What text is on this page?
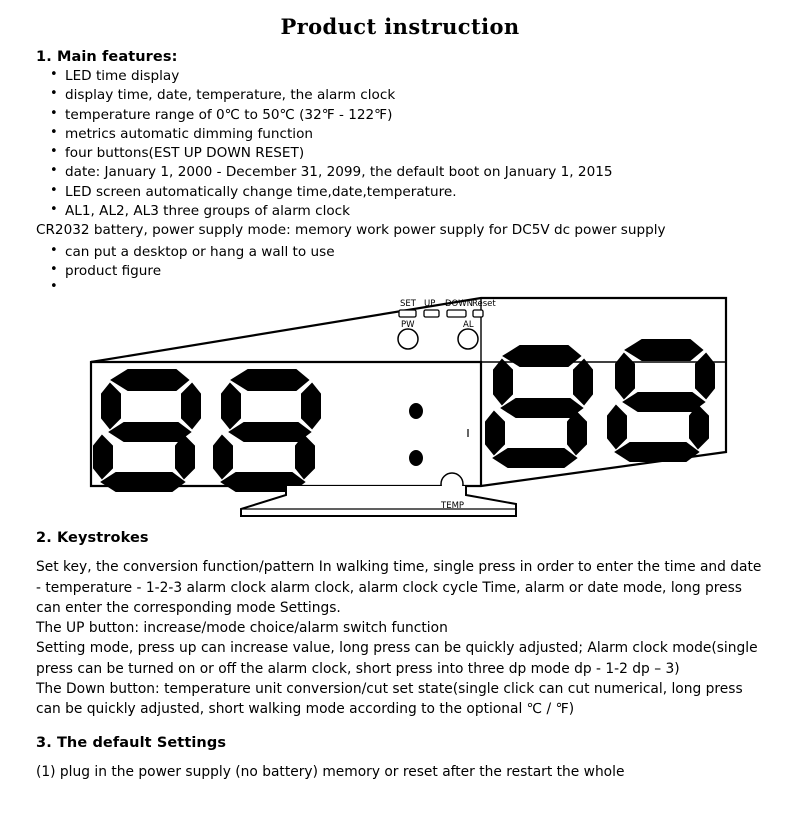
Product instruction
1. Main features:
• LED time display
• display time, date, temperature, the alarm clock
• temperature range of 0℃ to 50℃ (32℉ - 122℉)
• metrics automatic dimming function
• four buttons(EST UP DOWN RESET)
• date: January 1, 2000 - December 31, 2099, the default boot on January 1, 2015
• LED screen automatically change time,date,temperature.
• AL1, AL2, AL3 three groups of alarm clock

CR2032 battery, power supply mode: memory work power supply for DC5V dc power supply

• can put a desktop or hang a wall to use
• product figure
•
SET UP DOWN Reset
PW	AL
TEMP
2. Keystrokes

Set key, the conversion function/pattern In walking time, single press in order to enter the time and date - temperature - 1-2-3 alarm clock alarm clock, alarm clock cycle Time, alarm or date mode, long press can enter the corresponding mode Settings.

The UP button: increase/mode choice/alarm switch function

Setting mode, press up can increase value, long press can be quickly adjusted; Alarm clock mode(single press can be turned on or off the alarm clock, short press into three dp mode dp - 1-2 dp – 3)

The Down button: temperature unit conversion/cut set state(single click can cut numerical, long press can be quickly adjusted, short walking mode according to the optional ℃ / ℉)

3. The default Settings

(1) plug in the power supply (no battery) memory or reset after the restart the whole
